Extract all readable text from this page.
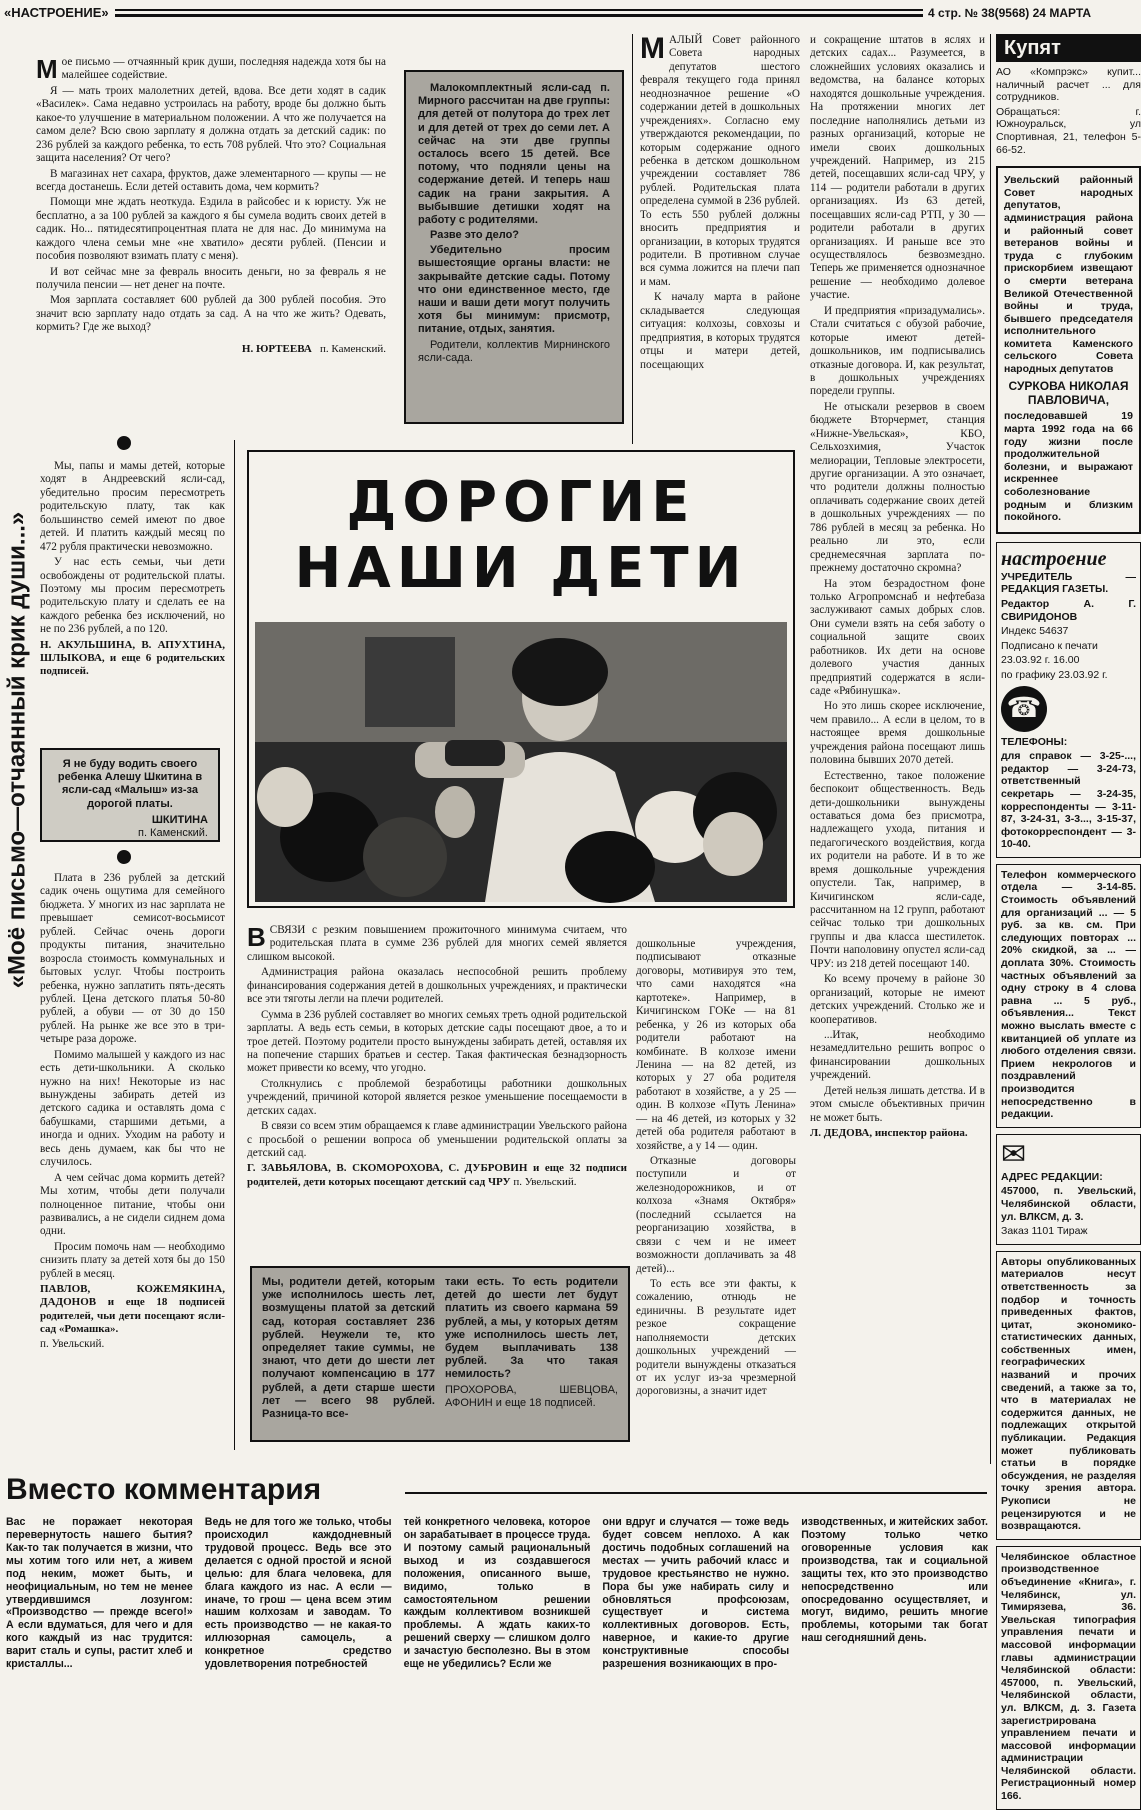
«НАСТРОЕНИЕ»	4 стр. № 38(9568) 24 МАРТА

Мое письмо — отчаянный крик души, последняя надежда хотя бы на малейшее содействие.

Я — мать троих малолетних детей, вдова. Все дети ходят в садик «Василек». Сама недавно устроилась на работу, вроде бы должно быть какое-то улучшение в материальном положении. А что же получается на самом деле? Всю свою зарплату я должна отдать за детский садик: по 236 рублей за каждого ребенка, то есть 708 рублей. Что это? Социальная защита населения? От чего?

В магазинах нет сахара, фруктов, даже элементарного — крупы — не всегда достанешь. Если детей оставить дома, чем кормить?

Помощи мне ждать неоткуда. Ездила в райсобес и к юристу. Уж не бесплатно, а за 100 рублей за каждого я бы сумела водить своих детей в садик. Но... пятидесятипроцентная плата не для нас. До минимума на каждого члена семьи мне «не хватило» десяти рублей. (Пенсии и пособия позволяют взимать плату с меня).

И вот сейчас мне за февраль вносить деньги, но за февраль я не получила пенсии — нет денег на почте.

Моя зарплата составляет 600 рублей да 300 рублей пособия. Это значит всю зарплату надо отдать за сад. А на что же жить? Одевать, кормить? Где же выход?

Н. ЮРТЕЕВА п. Каменский.

Малокомплектный ясли-сад п. Мирного рассчитан на две группы: для детей от полутора до трех лет и для детей от трех до семи лет. А сейчас на эти две группы осталось всего 15 детей. Все потому, что подняли цены на содержание детей. И теперь наш садик на грани закрытия. А выбывшие детишки ходят на работу с родителями.

Разве это дело?

Убедительно просим вышестоящие органы власти: не закрывайте детские сады. Потому что они единственное место, где наши и ваши дети могут получить хотя бы минимум: присмотр, питание, отдых, занятия.

Родители, коллектив Мирнинского ясли-сада.

МАЛЫЙ Совет районного Совета народных депутатов шестого февраля текущего года принял неоднозначное решение «О содержании детей в дошкольных учреждениях». Согласно ему утверждаются рекомендации, по которым содержание одного ребенка в детском дошкольном учреждении составляет 786 рублей. Родительская плата определена суммой в 236 рублей. То есть 550 рублей должны вносить предприятия и организации, в которых трудятся родители. В противном случае вся сумма ложится на плечи пап и мам.

К началу марта в районе складывается следующая ситуация: колхозы, совхозы и предприятия, в которых трудятся отцы и матери детей, посещающих

и сокращение штатов в яслях и детских садах... Разумеется, в сложнейших условиях оказались и ведомства, на балансе которых находятся дошкольные учреждения. На протяжении многих лет последние наполнялись детьми из разных организаций, которые не имели своих дошкольных учреждений. Например, из 215 детей, посещавших ясли-сад ЧРУ, у 114 — родители работали в других организациях. Из 63 детей, посещавших ясли-сад РТП, у 30 — родители работали в других организациях. И раньше все это осуществлялось безвозмездно. Теперь же применяется однозначное решение — необходимо долевое участие.

И предприятия «призадумались». Стали считаться с обузой рабочие, которые имеют детей-дошкольников, им подписывались отказные договора. И, как результат, в дошкольных учреждениях поредели группы.

Не отыскали резервов в своем бюджете Вторчермет, станция «Нижне-Увельская», КБО, Сельхозхимия, Участок мелиорации, Тепловые электросети, другие организации. А это означает, что родители должны полностью оплачивать содержание своих детей в дошкольных учреждениях — по 786 рублей в месяц за ребенка. Но реально ли это, если среднемесячная зарплата по-прежнему достаточно скромна?

На этом безрадостном фоне только Агропромснаб и нефтебаза заслуживают самых добрых слов. Они сумели взять на себя заботу о социальной защите своих работников. Их дети на основе долевого участия данных предприятий содержатся в ясли-саде «Рябинушка».

Но это лишь скорее исключение, чем правило... А если в целом, то в настоящее время дошкольные учреждения района посещают лишь половина бывших 2070 детей.

Естественно, такое положение беспокоит общественность. Ведь дети-дошкольники вынуждены оставаться дома без присмотра, надлежащего ухода, питания и педагогического воздействия, когда их родители на работе. И в то же время дошкольные учреждения опустели. Так, например, в Кичигинском ясли-саде, рассчитанном на 12 групп, работают сейчас только три дошкольных группы и два класса шестилеток. Почти наполовину опустел ясли-сад ЧРУ: из 218 детей посещают 140.

Ко всему прочему в районе 30 организаций, которые не имеют детских учреждений. Столько же и кооперативов.

...Итак, необходимо незамедлительно решить вопрос о финансировании дошкольных учреждений.

Детей нельзя лишать детства. И в этом смысле объективных причин не может быть.

Л. ДЕДОВА, инспектор района.

ДОРОГИЕ
НАШИ ДЕТИ
«Моё письмо—отчаянный крик души...»

Мы, папы и мамы детей, которые ходят в Андреевский ясли-сад, убедительно просим пересмотреть родительскую плату, так как большинство семей имеют по двое детей. И платить каждый месяц по 472 рубля практически невозможно.

У нас есть семьи, чьи дети освобождены от родительской платы. Поэтому мы просим пересмотреть родительскую плату и сделать ее на каждого ребенка без исключений, но не по 236 рублей, а по 120.

Н. АКУЛЬШИНА, В. АПУХТИНА, ШЛЫКОВА, и еще 6 родительских подписей.

Я не буду водить своего ребенка Алешу Шкитина в ясли-сад «Малыш» из-за дорогой платы.
ШКИТИНА
п. Каменский.

Плата в 236 рублей за детский садик очень ощутима для семейного бюджета. У многих из нас зарплата не превышает семисот-восьмисот рублей. Сейчас очень дороги продукты питания, значительно возросла стоимость коммунальных и бытовых услуг. Чтобы построить ребенка, нужно заплатить пять-десять рублей. Цена детского платья 50-80 рублей, а обуви — от 30 до 150 рублей. На рынке же все это в три-четыре раза дороже.

Помимо малышей у каждого из нас есть дети-школьники. А сколько нужно на них! Некоторые из нас вынуждены забирать детей из детского садика и оставлять дома с бабушками, старшими детьми, а иногда и одних. Уходим на работу и весь день думаем, как бы что не случилось.

А чем сейчас дома кормить детей? Мы хотим, чтобы дети получали полноценное питание, чтобы они развивались, а не сидели сиднем дома одни.

Просим помочь нам — необходимо снизить плату за детей хотя бы до 150 рублей в месяц.

ПАВЛОВ, КОЖЕМЯКИНА, ДАДОНОВ и еще 18 подписей родителей, чьи дети посещают ясли-сад «Ромашка».

п. Увельский.

ВСВЯЗИ с резким повышением прожиточного минимума считаем, что родительская плата в сумме 236 рублей для многих семей является слишком высокой.

Администрация района оказалась неспособной решить проблему финансирования содержания детей в дошкольных учреждениях, и практически все эти тяготы легли на плечи родителей.

Сумма в 236 рублей составляет во многих семьях треть одной родительской зарплаты. А ведь есть семьи, в которых детские сады посещают двое, а то и трое детей. Поэтому родители просто вынуждены забирать детей, оставляя их на попечение старших братьев и сестер. Такая фактическая безнадзорность может привести ко всему, что угодно.

Столкнулись с проблемой безработицы работники дошкольных учреждений, причиной которой является резкое уменьшение посещаемости в детских садах.

В связи со всем этим обращаемся к главе администрации Увельского района с просьбой о решении вопроса об уменьшении родительской оплаты за детский сад.

Г. ЗАВЬЯЛОВА, В. СКОМОРОХОВА, С. ДУБРОВИН и еще 32 подписи родителей, дети которых посещают детский сад ЧРУ п. Увельский.

дошкольные учреждения, подписывают отказные договоры, мотивируя это тем, что сами находятся «на картотеке». Например, в Кичигинском ГОКе — на 81 ребенка, у 26 из которых оба родители работают на комбинате. В колхозе имени Ленина — на 82 детей, из которых у 27 оба родителя работают в хозяйстве, а у 25 — один. В колхозе «Путь Ленина» — на 46 детей, из которых у 32 детей оба родителя работают в хозяйстве, а у 14 — один.

Отказные договоры поступили и от железнодорожников, и от колхоза «Знамя Октября» (последний ссылается на реорганизацию хозяйства, в связи с чем и не имеет возможности доплачивать за 48 детей)...

То есть все эти факты, к сожалению, отнюдь не единичны. В результате идет резкое сокращение наполняемости детских дошкольных учреждений — родители вынуждены отказаться от их услуг из-за чрезмерной дороговизны, а значит идет

Мы, родители детей, которым уже исполнилось шесть лет, возмущены платой за детский сад, которая составляет 236 рублей. Неужели те, кто определяет такие суммы, не знают, что дети до шести лет получают компенсацию в 177 рублей, а дети старше шести лет — всего 98 рублей. Разница-то все-
таки есть. То есть родители детей до шести лет будут платить из своего кармана 59 рублей, а мы, у которых детям уже исполнилось шесть лет, будем выплачивать 138 рублей. За что такая немилость?
ПРОХОРОВА, ШЕВЦОВА, АФОНИН и еще 18 подписей.
Вместо комментария
Вас не поражает некоторая перевернутость нашего бытия? Как-то так получается в жизни, что мы хотим того или нет, а живем под неким, может быть, и неофициальным, но тем не менее утвердившимся лозунгом: «Производство — прежде всего!» А если вдуматься, для чего и для кого каждый из нас трудится: варит сталь и супы, растит хлеб и кристаллы...
Ведь не для того же только, чтобы происходил каждодневный трудовой процесс. Ведь все это делается с одной простой и ясной целью: для блага человека, для блага каждого из нас. А если — иначе, то грош — цена всем этим нашим колхозам и заводам. То есть производство — не какая-то иллюзорная самоцель, а конкретное средство удовлетворения потребностей
тей конкретного человека, которое он зарабатывает в процессе труда. И поэтому самый рациональный выход и из создавшегося положения, описанного выше, видимо, только в самостоятельном решении каждым коллективом возникшей проблемы. А ждать каких-то решений сверху — слишком долго и зачастую бесполезно. Вы в этом еще не убедились? Если же
они вдруг и случатся — тоже ведь будет совсем неплохо. А как достичь подобных соглашений на местах — учить рабочий класс и трудовое крестьянство не нужно. Пора бы уже набирать силу и обновляться профсоюзам, существует и система коллективных договоров. Есть, наверное, и какие-то другие конструктивные способы разрешения возникающих в про-
изводственных, и житейских забот. Поэтому только четко оговоренные условия как производства, так и социальной защиты тех, кто это производство непосредственно или опосредованно осуществляет, и могут, видимо, решить многие проблемы, которыми так богат наш сегодняшний день.
Купят

АО «Компрэкс» купит... наличный расчет ... для сотрудников.

Обращаться: г. Южноуральск, ул Спортивная, 21, телефон 5-66-52.

Увельский районный Совет народных депутатов, администрация района и районный совет ветеранов войны и труда с глубоким прискорбием извещают о смерти ветерана Великой Отечественной войны и труда, бывшего председателя исполнительного комитета Каменского сельского Совета народных депутатов

СУРКОВА НИКОЛАЯ ПАВЛОВИЧА,

последовавшей 19 марта 1992 года на 66 году жизни после продолжительной болезни, и выражают искреннее соболезнование родным и близким покойного.

настроение

УЧРЕДИТЕЛЬ — РЕДАКЦИЯ ГАЗЕТЫ.

Редактор А. Г. СВИРИДОНОВ

Индекс 54637

Подписано к печати

23.03.92 г. 16.00

по графику 23.03.92 г.

☎

ТЕЛЕФОНЫ:

для справок — 3-25-..., редактор — 3-24-73, ответственный секретарь — 3-24-35, корреспонденты — 3-11-87, 3-24-31, 3-3..., 3-15-37, фотокорреспондент — 3-10-40.

Телефон коммерческого отдела — 3-14-85. Стоимость объявлений для организаций ... — 5 руб. за кв. см. При следующих повторах ... 20% скидкой, за ... — доплата 30%. Стоимость частных объявлений за одну строку в 4 слова равна ... 5 руб., объявления... Текст можно выслать вместе с квитанцией об уплате из любого отделения связи. Прием некрологов и поздравлений производится непосредственно в редакции.

✉

АДРЕС РЕДАКЦИИ:

457000, п. Увельский, Челябинской области, ул. ВЛКСМ, д. 3.

Заказ 1101 Тираж

Авторы опубликованных материалов несут ответственность за подбор и точность приведенных фактов, цитат, экономико-статистических данных, собственных имен, географических названий и прочих сведений, а также за то, что в материалах не содержится данных, не подлежащих открытой публикации. Редакция может публиковать статьи в порядке обсуждения, не разделяя точку зрения автора. Рукописи не рецензируются и не возвращаются.

Челябинское областное производственное объединение «Книга», г. Челябинск, ул. Тимирязева, 36. Увельская типография управления печати и массовой информации главы администрации Челябинской области: 457000, п. Увельский, Челябинской области, ул. ВЛКСМ, д. 3. Газета зарегистрирована управлением печати и массовой информации администрации Челябинской области. Регистрационный номер 166.
